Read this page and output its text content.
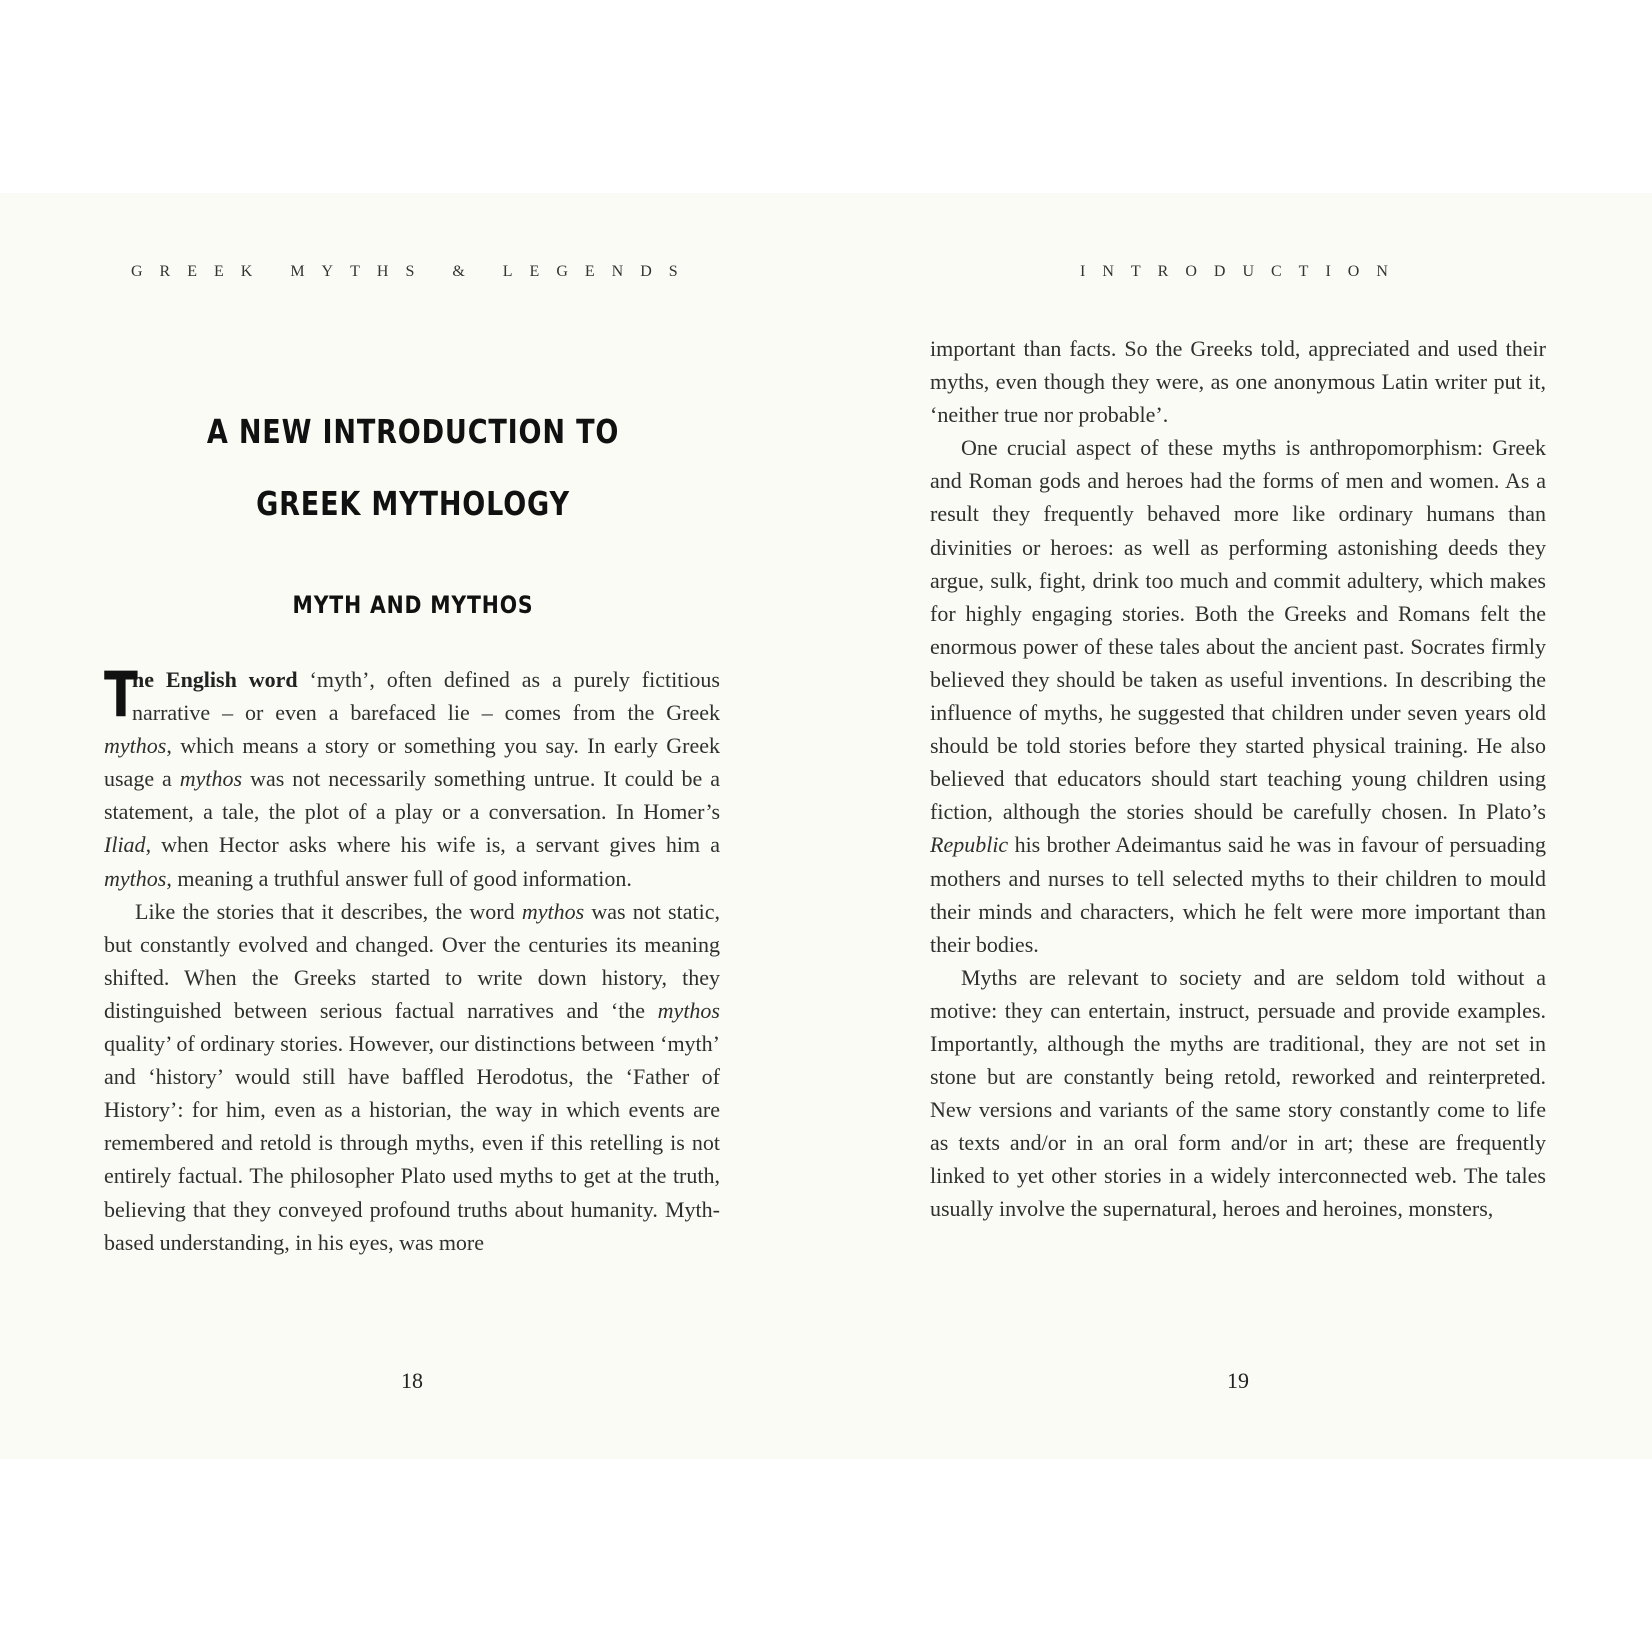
GREEK MYTHS & LEGENDS
A NEW INTRODUCTION TO
GREEK MYTHOLOGY
MYTH AND MYTHOS

T
he English word ‘myth’, often defined as a purely fictitious narrative – or even a barefaced lie – comes from the Greek mythos, which means a story or something you say. In early Greek usage a mythos was not necessarily something untrue. It could be a statement, a tale, the plot of a play or a conversation. In Homer’s Iliad, when Hector asks where his wife is, a servant gives him a mythos, meaning a truthful answer full of good information.

Like the stories that it describes, the word mythos was not static, but constantly evolved and changed. Over the centuries its meaning shifted. When the Greeks started to write down history, they distinguished between serious factual narratives and ‘the mythos quality’ of ordinary stories. However, our distinctions between ‘myth’ and ‘history’ would still have baffled Herodotus, the ‘Father of History’: for him, even as a historian, the way in which events are remembered and retold is through myths, even if this retelling is not entirely factual. The philosopher Plato used myths to get at the truth, believing that they conveyed profound truths about humanity. Myth-based understanding, in his eyes, was more

18
INTRODUCTION

important than facts. So the Greeks told, appreciated and used their myths, even though they were, as one anonymous Latin writer put it, ‘neither true nor probable’.

One crucial aspect of these myths is anthropomorphism: Greek and Roman gods and heroes had the forms of men and women. As a result they frequently behaved more like ordinary humans than divinities or heroes: as well as performing astonishing deeds they argue, sulk, fight, drink too much and commit adultery, which makes for highly engaging stories. Both the Greeks and Romans felt the enormous power of these tales about the ancient past. Socrates firmly believed they should be taken as useful inventions. In describing the influence of myths, he suggested that children under seven years old should be told stories before they started physical training. He also believed that educators should start teaching young children using fiction, although the stories should be carefully chosen. In Plato’s Republic his brother Adeimantus said he was in favour of persuading mothers and nurses to tell selected myths to their children to mould their minds and characters, which he felt were more important than their bodies.

Myths are relevant to society and are seldom told without a motive: they can entertain, instruct, persuade and provide examples. Importantly, although the myths are traditional, they are not set in stone but are constantly being retold, reworked and reinterpreted. New versions and variants of the same story constantly come to life as texts and/or in an oral form and/or in art; these are frequently linked to yet other stories in a widely interconnected web. The tales usually involve the supernatural, heroes and heroines, monsters,

19
